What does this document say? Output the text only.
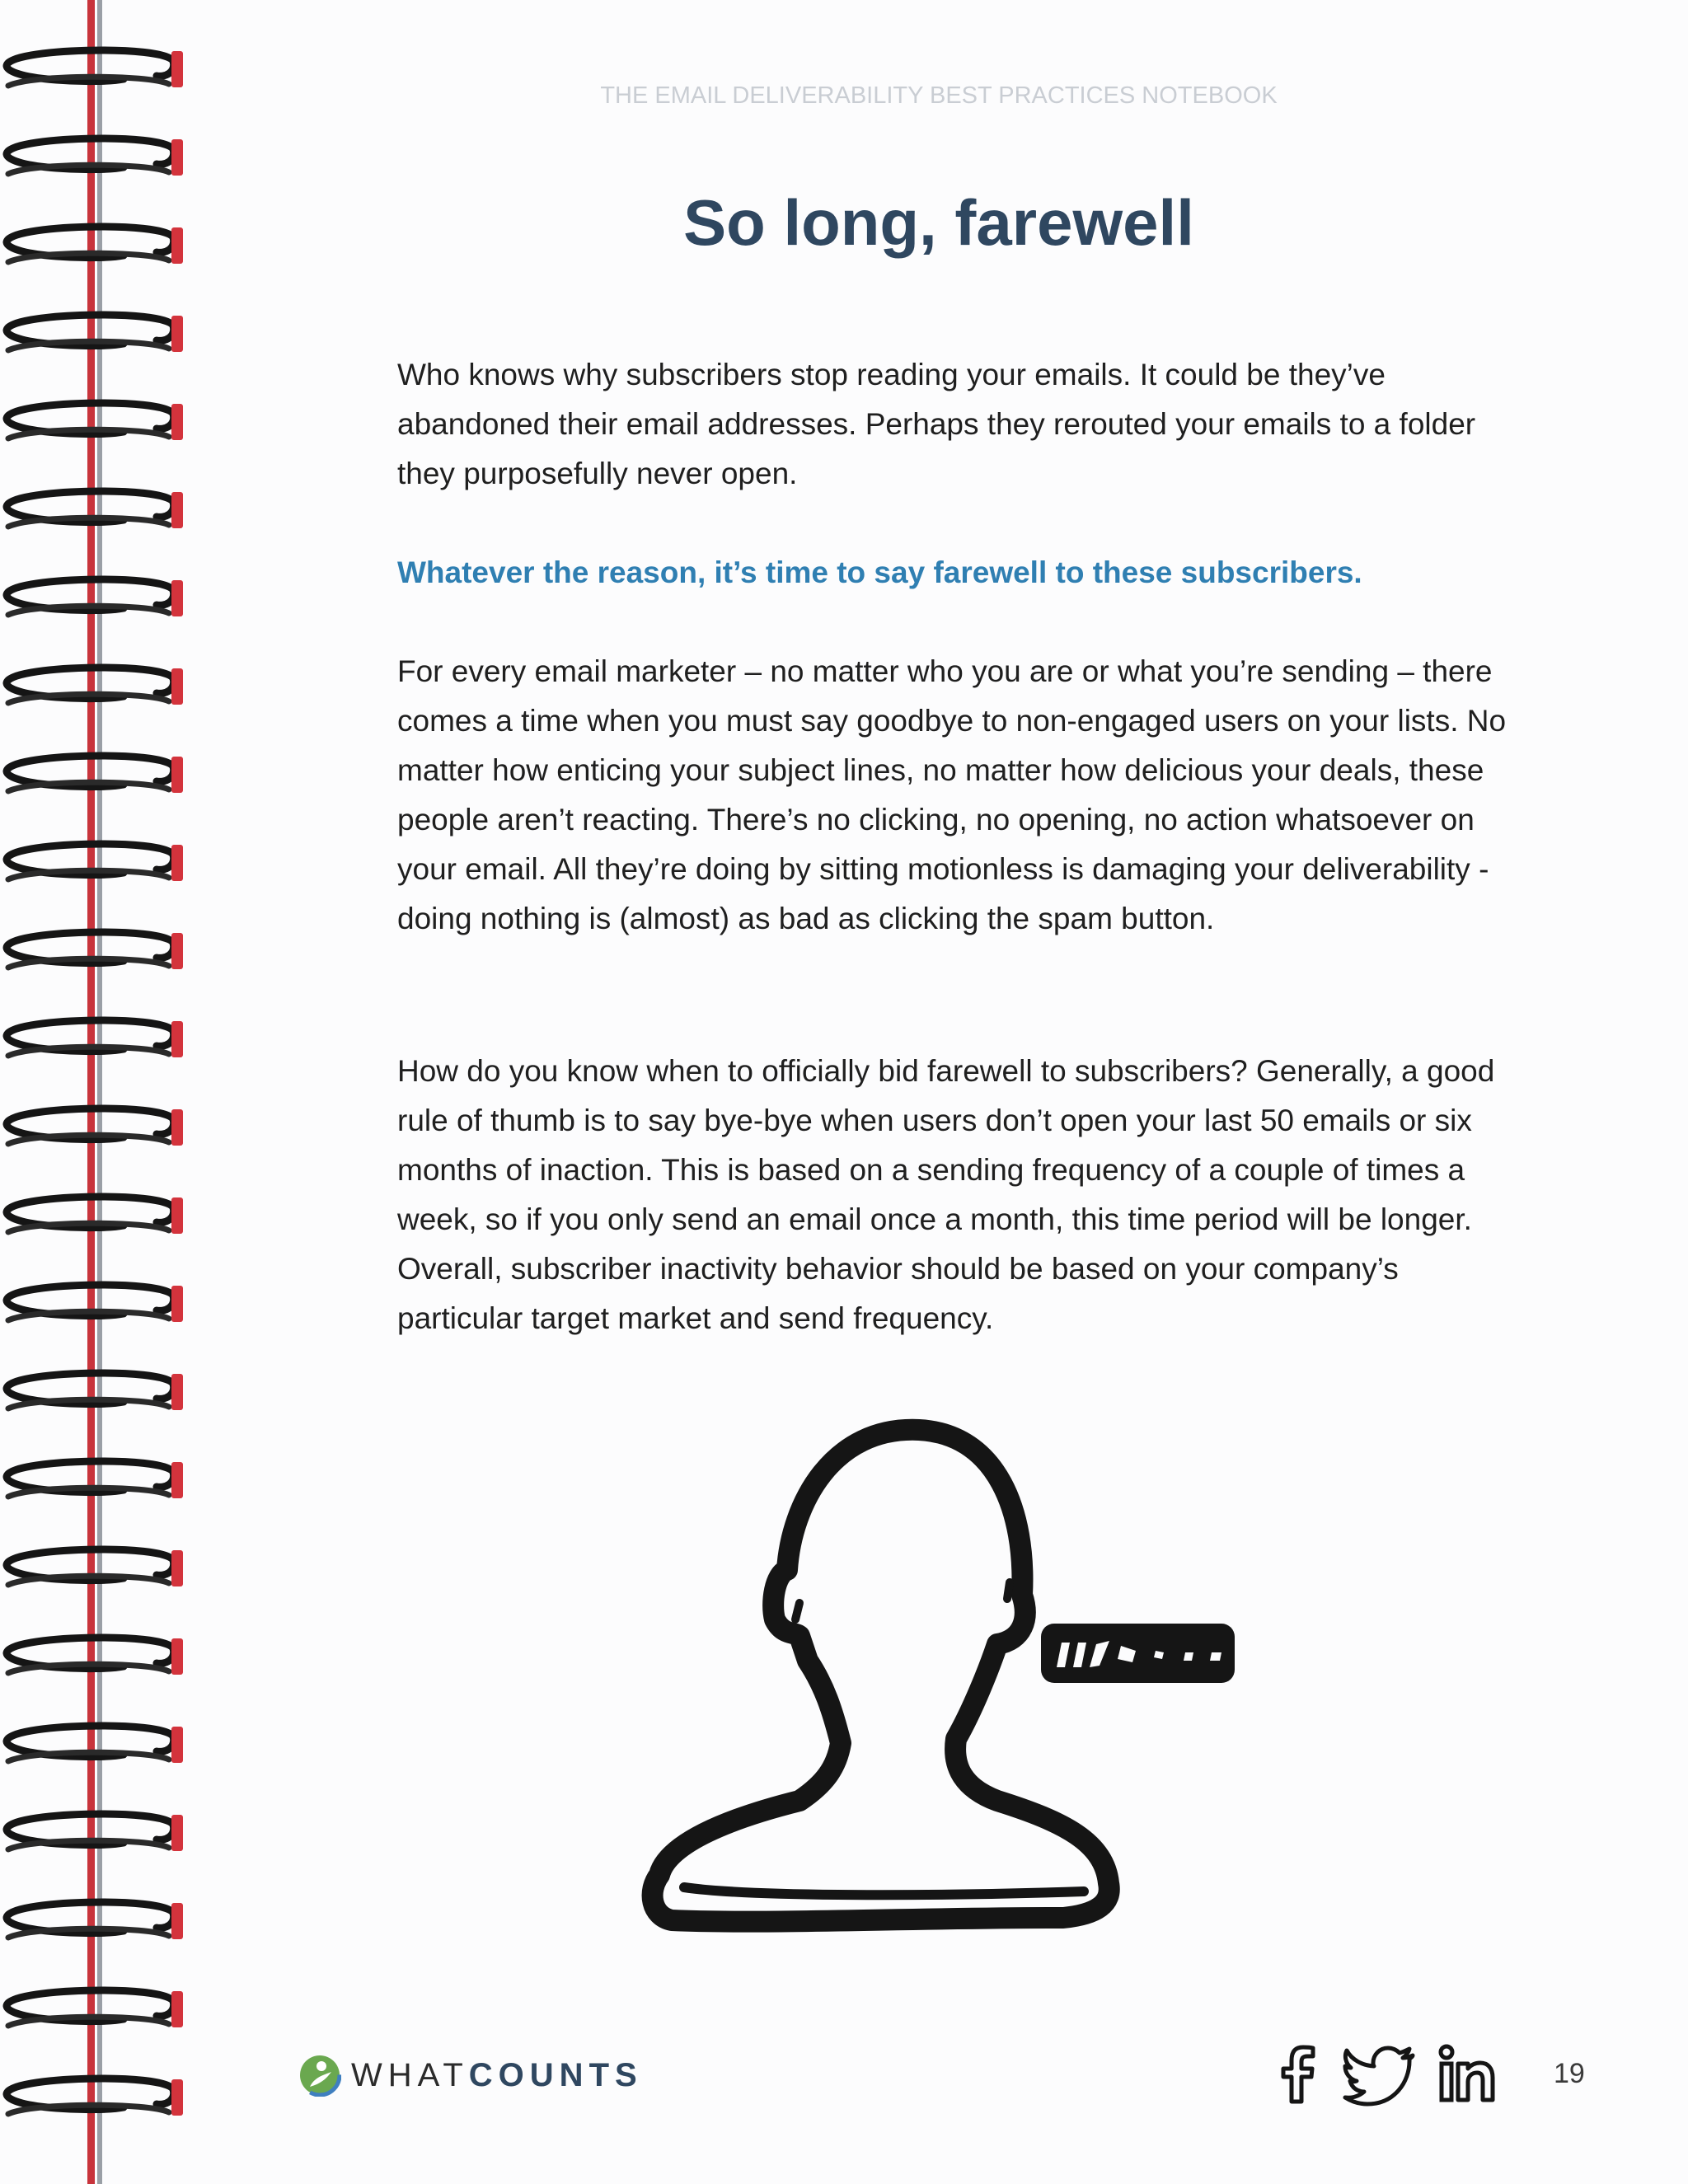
THE EMAIL DELIVERABILITY BEST PRACTICES NOTEBOOK
So long, farewell

Who knows why subscribers stop reading your emails. It could be they’ve abandoned their email addresses. Perhaps they rerouted your emails to a folder they purposefully never open.

Whatever the reason, it’s time to say farewell to these subscribers.

For every email marketer – no matter who you are or what you’re sending – there comes a time when you must say goodbye to non-engaged users on your lists. No matter how enticing your subject lines, no matter how delicious your deals, these people aren’t reacting. There’s no clicking, no opening, no action whatsoever on your email. All they’re doing by sitting motionless is damaging your deliverability - doing nothing is (almost) as bad as clicking the spam button.

How do you know when to officially bid farewell to subscribers? Generally, a good rule of thumb is to say bye-bye when users don’t open your last 50 emails or six months of inaction. This is based on a sending frequency of a couple of times a week, so if you only send an email once a month, this time period will be longer. Overall, subscriber inactivity behavior should be based on your company’s particular target market and send frequency.

WHATCOUNTS	19
